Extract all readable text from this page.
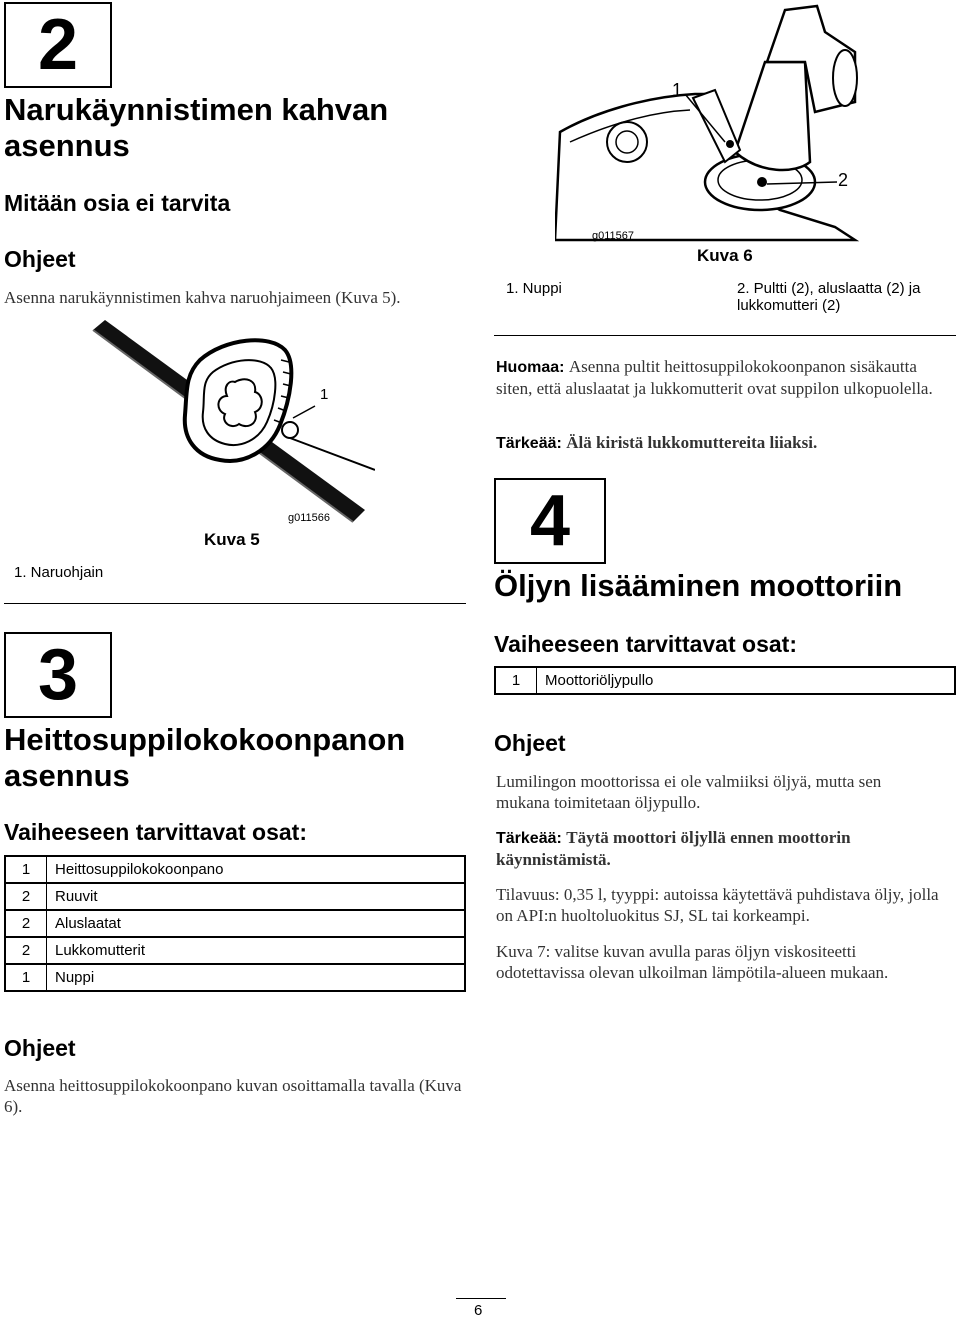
2
Narukäynnistimen kahvan asennus
Mitään osia ei tarvita
Ohjeet
Asenna narukäynnistimen kahva naruohjaimeen (Kuva 5).
1
g011566
Kuva 5
1. Naruohjain
3
Heittosuppilokokoonpanon asennus
Vaiheeseen tarvittavat osat:
1	Heittosuppilokokoonpano
2	Ruuvit
2	Aluslaatat
2	Lukkomutterit
1	Nuppi
Ohjeet
Asenna heittosuppilokokoonpano kuvan osoittamalla tavalla (Kuva 6).
1
2
g011567
Kuva 6
1. Nuppi	2. Pultti (2), aluslaatta (2) ja lukkomutteri (2)
Huomaa: Asenna pultit heittosuppilokokoonpanon sisäkautta siten, että aluslaatat ja lukkomutterit ovat suppilon ulkopuolella.
Tärkeää: Älä kiristä lukkomuttereita liiaksi.
4
Öljyn lisääminen moottoriin
Vaiheeseen tarvittavat osat:
1	Moottoriöljypullo
Ohjeet
Lumilingon moottorissa ei ole valmiiksi öljyä, mutta sen mukana toimitetaan öljypullo.
Tärkeää: Täytä moottori öljyllä ennen moottorin käynnistämistä.
Tilavuus: 0,35 l, tyyppi: autoissa käytettävä puhdistava öljy, jolla on API:n huoltoluokitus SJ, SL tai korkeampi.
Kuva 7: valitse kuvan avulla paras öljyn viskositeetti odotettavissa olevan ulkoilman lämpötila-alueen mukaan.
6
